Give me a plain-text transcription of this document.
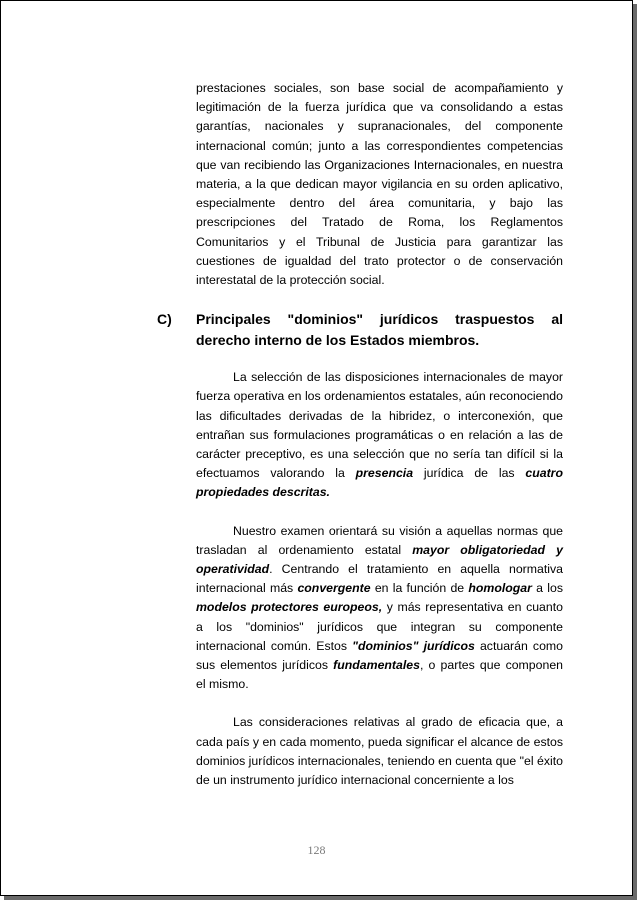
prestaciones sociales, son base social de acompañamiento y legitimación de la fuerza jurídica que va consolidando a estas garantías, nacionales y supranacionales, del componente internacional común; junto a las correspondientes competencias que van recibiendo las Organizaciones Internacionales, en nuestra materia, a la que dedican mayor vigilancia en su orden aplicativo, especialmente dentro del área comunitaria, y bajo las prescripciones del Tratado de Roma, los Reglamentos Comunitarios y el Tribunal de Justicia para garantizar las cuestiones de igualdad del trato protector o de conservación interestatal de la protección social.

C) Principales "dominios" jurídicos traspuestos al derecho interno de los Estados miembros.

La selección de las disposiciones internacionales de mayor fuerza operativa en los ordenamientos estatales, aún reconociendo las dificultades derivadas de la hibridez, o interconexión, que entrañan sus formulaciones programáticas o en relación a las de carácter preceptivo, es una selección que no sería tan difícil si la efectuamos valorando la presencia jurídica de las cuatro propiedades descritas.

Nuestro examen orientará su visión a aquellas normas que trasladan al ordenamiento estatal mayor obligatoriedad y operatividad. Centrando el tratamiento en aquella normativa internacional más convergente en la función de homologar a los modelos protectores europeos, y más representativa en cuanto a los "dominios" jurídicos que integran su componente internacional común. Estos "dominios" jurídicos actuarán como sus elementos jurídicos fundamentales, o partes que componen el mismo.

Las consideraciones relativas al grado de eficacia que, a cada país y en cada momento, pueda significar el alcance de estos dominios jurídicos internacionales, teniendo en cuenta que "el éxito de un instrumento jurídico internacional concerniente a los

128
